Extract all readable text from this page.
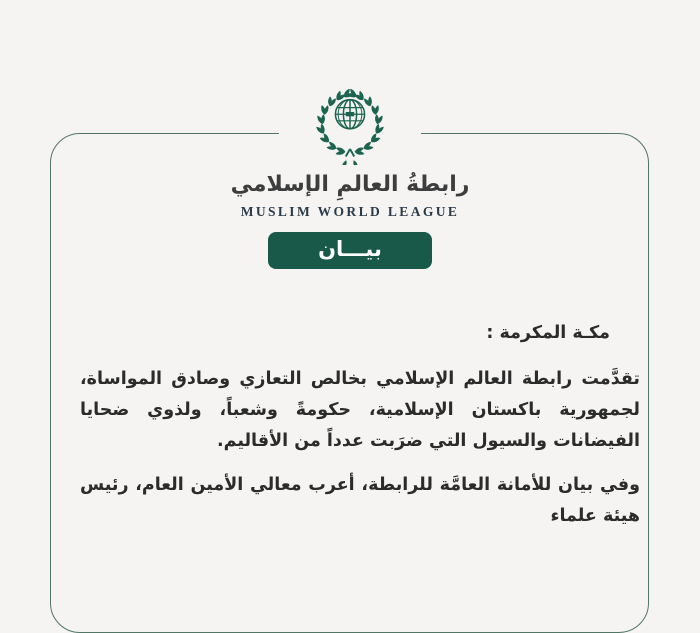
رابطةُ العالمِ الإسلامي
MUSLIM WORLD LEAGUE
بيـــان
مكـة المكرمة :

تقدَّمت رابطة العالم الإسلامي بخالص التعازي وصادق المواساة، لجمهورية باكستان الإسلامية، حكومةً وشعباً، ولذوي ضحايا الفيضانات والسيول التي ضرَبت عدداً من الأقاليم.

وفي بيان للأمانة العامَّة للرابطة، أعرب معالي الأمين العام، رئيس هيئة علماء
